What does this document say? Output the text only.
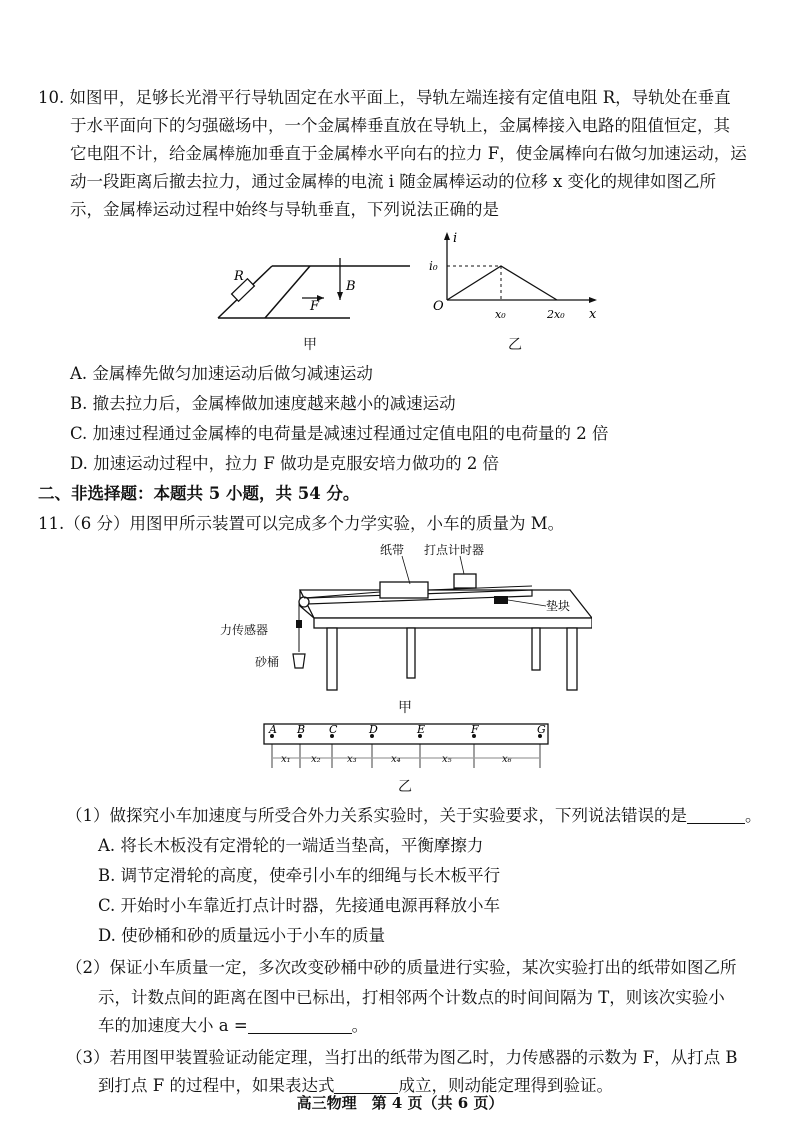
10. 如图甲，足够长光滑平行导轨固定在水平面上，导轨左端连接有定值电阻 R，导轨处在垂直
于水平面向下的匀强磁场中，一个金属棒垂直放在导轨上，金属棒接入电路的阻值恒定，其
它电阻不计，给金属棒施加垂直于金属棒水平向右的拉力 F，使金属棒向右做匀加速运动，运
动一段距离后撤去拉力，通过金属棒的电流 i 随金属棒运动的位移 x 变化的规律如图乙所
示，金属棒运动过程中始终与导轨垂直，下列说法正确的是
R
F
B
甲
i
i₀
O
x₀	2x₀ x
乙
A. 金属棒先做匀加速运动后做匀减速运动
B. 撤去拉力后，金属棒做加速度越来越小的减速运动
C. 加速过程通过金属棒的电荷量是减速过程通过定值电阻的电荷量的 2 倍
D. 加速运动过程中，拉力 F 做功是克服安培力做功的 2 倍
二、非选择题：本题共 5 小题，共 54 分。
11.（6 分）用图甲所示装置可以完成多个力学实验，小车的质量为 M。
纸带 打点计时器
垫块
力传感器
砂桶
甲
A B C	D	E	F	G
x₁ x₂	x₃	x₄	x₅	x₆
乙
（1）做探究小车加速度与所受合外力关系实验时，关于实验要求，下列说法错误的是	。
A. 将长木板没有定滑轮的一端适当垫高，平衡摩擦力
B. 调节定滑轮的高度，使牵引小车的细绳与长木板平行
C. 开始时小车靠近打点计时器，先接通电源再释放小车
D. 使砂桶和砂的质量远小于小车的质量
（2）保证小车质量一定，多次改变砂桶中砂的质量进行实验，某次实验打出的纸带如图乙所
示，计数点间的距离在图中已标出，打相邻两个计数点的时间间隔为 T，则该次实验小
车的加速度大小 a =	。
（3）若用图甲装置验证动能定理，当打出的纸带为图乙时，力传感器的示数为 F，从打点 B
到打点 F 的过程中，如果表达式	成立，则动能定理得到验证。
高三物理　第 4 页（共 6 页）
